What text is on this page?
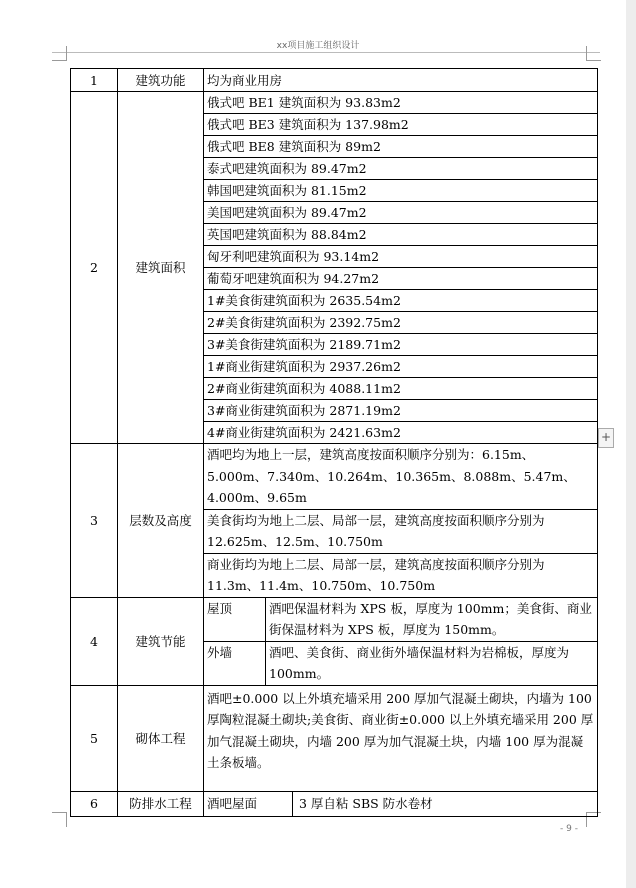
xx项目施工组织设计
1	建筑功能	均为商业用房		
2	建筑面积	俄式吧 BE1 建筑面积为 93.83m2		
		俄式吧 BE3 建筑面积为 137.98m2		
		俄式吧 BE8 建筑面积为 89m2		
		泰式吧建筑面积为 89.47m2		
		韩国吧建筑面积为 81.15m2		
		美国吧建筑面积为 89.47m2		
		英国吧建筑面积为 88.84m2		
		匈牙利吧建筑面积为 93.14m2		
		葡萄牙吧建筑面积为 94.27m2		
		1#美食街建筑面积为 2635.54m2		
		2#美食街建筑面积为 2392.75m2		
		3#美食街建筑面积为 2189.71m2		
		1#商业街建筑面积为 2937.26m2		
		2#商业街建筑面积为 4088.11m2		
		3#商业街建筑面积为 2871.19m2		
		4#商业街建筑面积为 2421.63m2		
3	层数及高度	酒吧均为地上一层，建筑高度按面积顺序分别为：6.15m、5.000m、7.340m、10.264m、10.365m、8.088m、5.47m、4.000m、9.65m		
		美食街均为地上二层、局部一层，建筑高度按面积顺序分别为 12.625m、12.5m、10.750m		
		商业街均为地上二层、局部一层，建筑高度按面积顺序分别为 11.3m、11.4m、10.750m、10.750m		
4	建筑节能	屋顶	酒吧保温材料为 XPS 板，厚度为 100mm；美食街、商业街保温材料为 XPS 板，厚度为 150mm。	
		外墙	酒吧、美食街、商业街外墙保温材料为岩棉板，厚度为 100mm。	
5	砌体工程	酒吧±0.000 以上外填充墙采用 200 厚加气混凝土砌块，内墙为 100 厚陶粒混凝土砌块;美食街、商业街±0.000 以上外填充墙采用 200 厚加气混凝土砌块，内墙 200 厚为加气混凝土块，内墙 100 厚为混凝土条板墙。		
6	防排水工程	酒吧屋面		3 厚自粘 SBS 防水卷材
- 9 -
+
